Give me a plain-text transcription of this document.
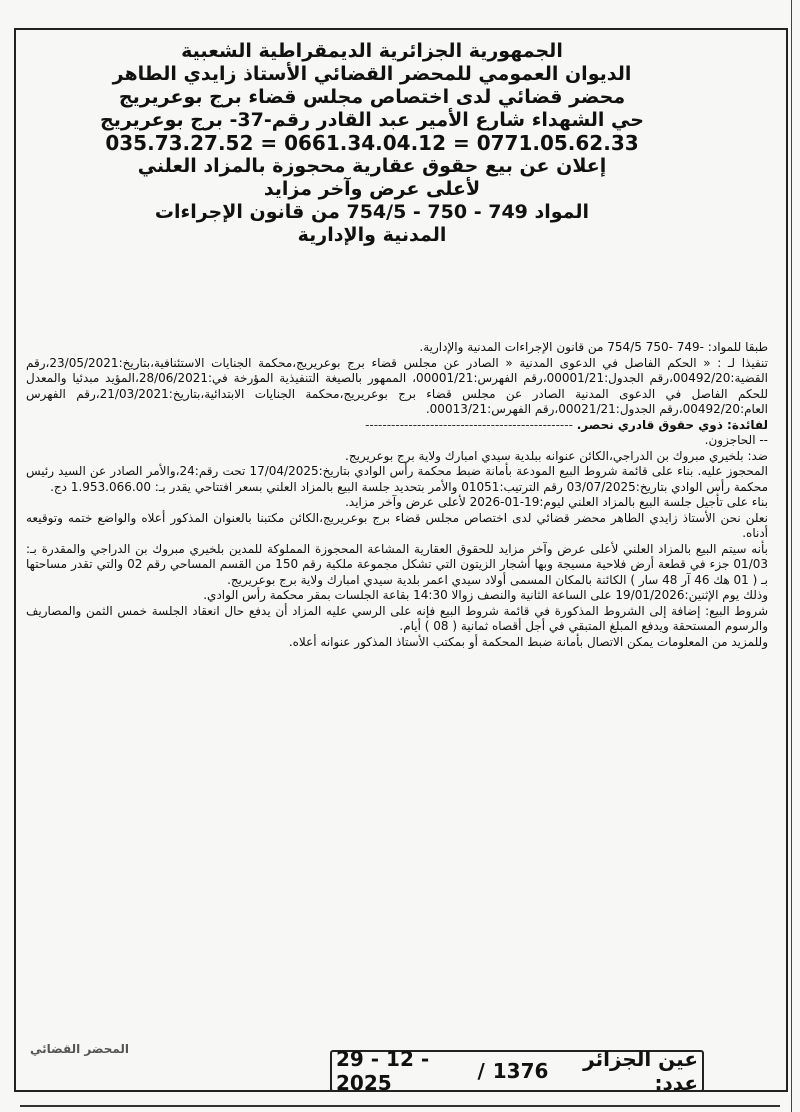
الجمهورية الجزائرية الديمقراطية الشعبية

الديوان العمومي للمحضر القضائي الأستاذ زايدي الطاهر

محضر قضائي لدى اختصاص مجلس قضاء برج بوعريريج

حي الشهداء شارع الأمير عبد القادر رقم-37- برج بوعريريج

035.73.27.52 = 0661.34.04.12 = 0771.05.62.33

إعلان عن بيع حقوق عقارية محجوزة بالمزاد العلني

لأعلى عرض وآخر مزايد

المواد 749 - 750 - 754/5 من قانون الإجراءات

المدنية والإدارية

طبقا للمواد: -749 -750 754/5 من قانون الإجراءات المدنية والإدارية.

تنفيذا لـ : « الحكم الفاصل في الدعوى المدنية « الصادر عن مجلس قضاء برج بوعريريج،محكمة الجنايات الاستئنافية،بتاريخ:23/05/2021،رقم القضية:00492/20،رقم الجدول:00001/21،رقم الفهرس:00001/21، الممهور بالصيغة التنفيذية المؤرخة في:28/06/2021،المؤيد مبدئيا والمعدل للحكم الفاصل في الدعوى المدنية الصادر عن مجلس قضاء برج بوعريريج،محكمة الجنايات الابتدائية،بتاريخ:21/03/2021،رقم الفهرس العام:00492/20،رقم الجدول:00021/21،رقم الفهرس:00013/21.

لفائدة: ذوي حقوق قادري نحصر. ------------------------------------------------

-- الحاجزون.

ضد: بلخيري مبروك بن الدراجي،الكائن عنوانه ببلدية سيدي امبارك ولاية برج بوعريريج.

المحجوز عليه. بناء على قائمة شروط البيع المودعة بأمانة ضبط محكمة رأس الوادي بتاريخ:17/04/2025 تحت رقم:24،والأمر الصادر عن السيد رئيس محكمة رأس الوادي بتاريخ:03/07/2025 رقم الترتيب:01051 والأمر بتحديد جلسة البيع بالمزاد العلني بسعر افتتاحي يقدر بـ: 1.953.066.00 دج.

بناء على تأجيل جلسة البيع بالمزاد العلني ليوم:19-01-2026 لأعلى عرض وآخر مزايد.

نعلن نحن الأستاذ زايدي الطاهر محضر قضائي لدى اختصاص مجلس قضاء برج بوعريريج،الكائن مكتبنا بالعنوان المذكور أعلاه والواضع ختمه وتوقيعه أدناه.

بأنه سيتم البيع بالمزاد العلني لأعلى عرض وآخر مزايد للحقوق العقارية المشاعة المحجوزة المملوكة للمدين بلخيري مبروك بن الدراجي والمقدرة بـ: 01/03 جزء في قطعة أرض فلاحية مسيجة وبها أشجار الزيتون التي تشكل مجموعة ملكية رقم 150 من القسم المساحي رقم 02 والتي تقدر مساحتها بـ ( 01 هك 46 آر 48 سار ) الكائنة بالمكان المسمى أولاد سيدي اعمر بلدية سيدي امبارك ولاية برج بوعريريج.

وذلك يوم الإثنين:19/01/2026 على الساعة الثانية والنصف زوالا 14:30 بقاعة الجلسات بمقر محكمة رأس الوادي.

شروط البيع: إضافة إلى الشروط المذكورة في قائمة شروط البيع فإنه على الرسي عليه المزاد أن يدفع حال انعقاد الجلسة خمس الثمن والمصاريف والرسوم المستحقة ويدفع المبلغ المتبقي في أجل أقصاه ثمانية ( 08 ) أيام.

وللمزيد من المعلومات يمكن الاتصال بأمانة ضبط المحكمة أو بمكتب الأستاذ المذكور عنوانه أعلاه.

المحضر القضائي	عين الجزائر عدد:
1376
/
29 - 12 - 2025
